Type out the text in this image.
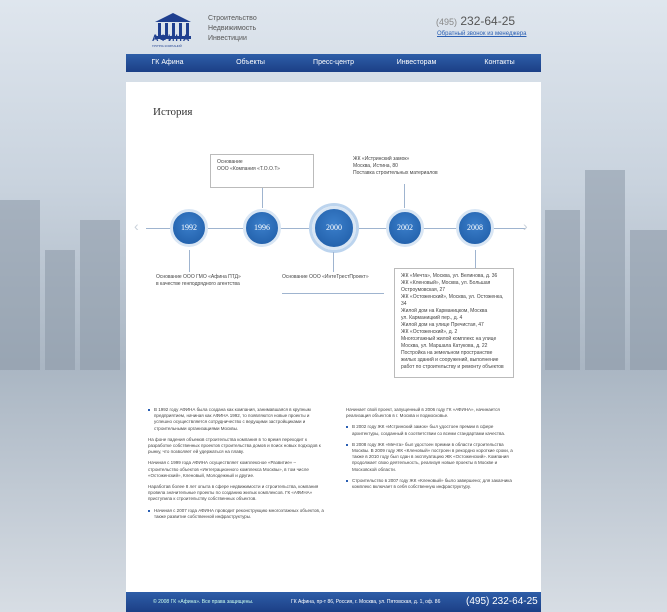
АФИНА
ГРУППА КОМПАНИЙ
Строительство
Недвижимость
Инвестиции
(495) 232-64-25
Обратный звонок из менеджера
ГК Афина	Объекты	Пресс-центр	Инвесторам	Контакты
История
Основание
ООО «Компания «Т.О.О.Т»
ЖК «Истринский замок»
Москва, Истина, 80
Поставка строительных материалов
‹	›
1992	1996	2000	2002	2008
Основание ООО ГМО «Афина ПТД»
в качестве генподрядного агентства
Основание ООО «ИнтеТрестПроект»	ЖК «Мечта», Москва, ул. Велинова, д. 36
ЖК «Кленовый», Москва, ул. Большая Остроумовская, 27
ЖК «Остоженский», Москва, ул. Остоженка, 34
Жилой дом на Карманицком, Москва
ул. Карманицкий пер., д. 4
Жилой дом на улице Пречистая, 47
ЖК «Остоженский», д. 2
Многоэтажный жилой комплекс на улице
Москва, ул. Маршала Катукова, д. 22
Постройка на земельном пространстве
жилых зданий и сооружений, выполнение
работ по строительству и ремонту объектов

В 1992 году АФИНА была создана как компания, занимавшаяся в крупным предприятием, начиная как АФИНА 1992, то появляются новые проекты и успешно осуществляется сотрудничество с ведущими застройщиками и строительными организациями Москвы.

На фоне падения объемов строительства компания в то время переходит к разработке собственных проектов строительства домов и поиск новых подходов к рынку, что позволяет ей удержаться на плаву.

Начиная с 1999 года АФИНА осуществляет комплексное «Развитие» – строительство объектов «Интеграционного комплекса Москвы», в том числе «Остоженский», Кленовый, Молодежный и другие.

Наработав более 8 лет опыта в сфере недвижимости и строительства, компания провела значительные проекты по созданию жилых комплексов. ГК «АФИНА» приступила к строительству собственных объектов.

Начиная с 2007 года АФИНА проводит реконструкцию многоэтажных объектов, а также развитие собственной инфраструктуры.

Начинает свой проект, запущенный в 2006 году ГК «АФИНА», начинается реализация объектов в г. Москва и подмосковье.

В 2002 году ЖК «Истринский замок» был удостоен премии в сфере архитектуры, созданный в соответствии со всеми стандартами качества.

В 2008 году ЖК «Мечта» был удостоен премии в области строительства Москвы. В 2009 году ЖК «Кленовый» построен в рекордно короткие сроки, а также в 2010 году был сдан в эксплуатацию ЖК «Остоженский». Компания продолжает свою деятельность, реализуя новые проекты в Москве и Московской области.

Строительство в 2007 году ЖК «Кленовый» было завершено; для заказчика комплекс включает в себя собственную инфраструктуру.

© 2008 ГК «Афина». Все права защищены.	ГК Афина, пр-т 86, Россия, г. Москва, ул. Пятовская, д. 1, оф. 86	(495) 232-64-25
